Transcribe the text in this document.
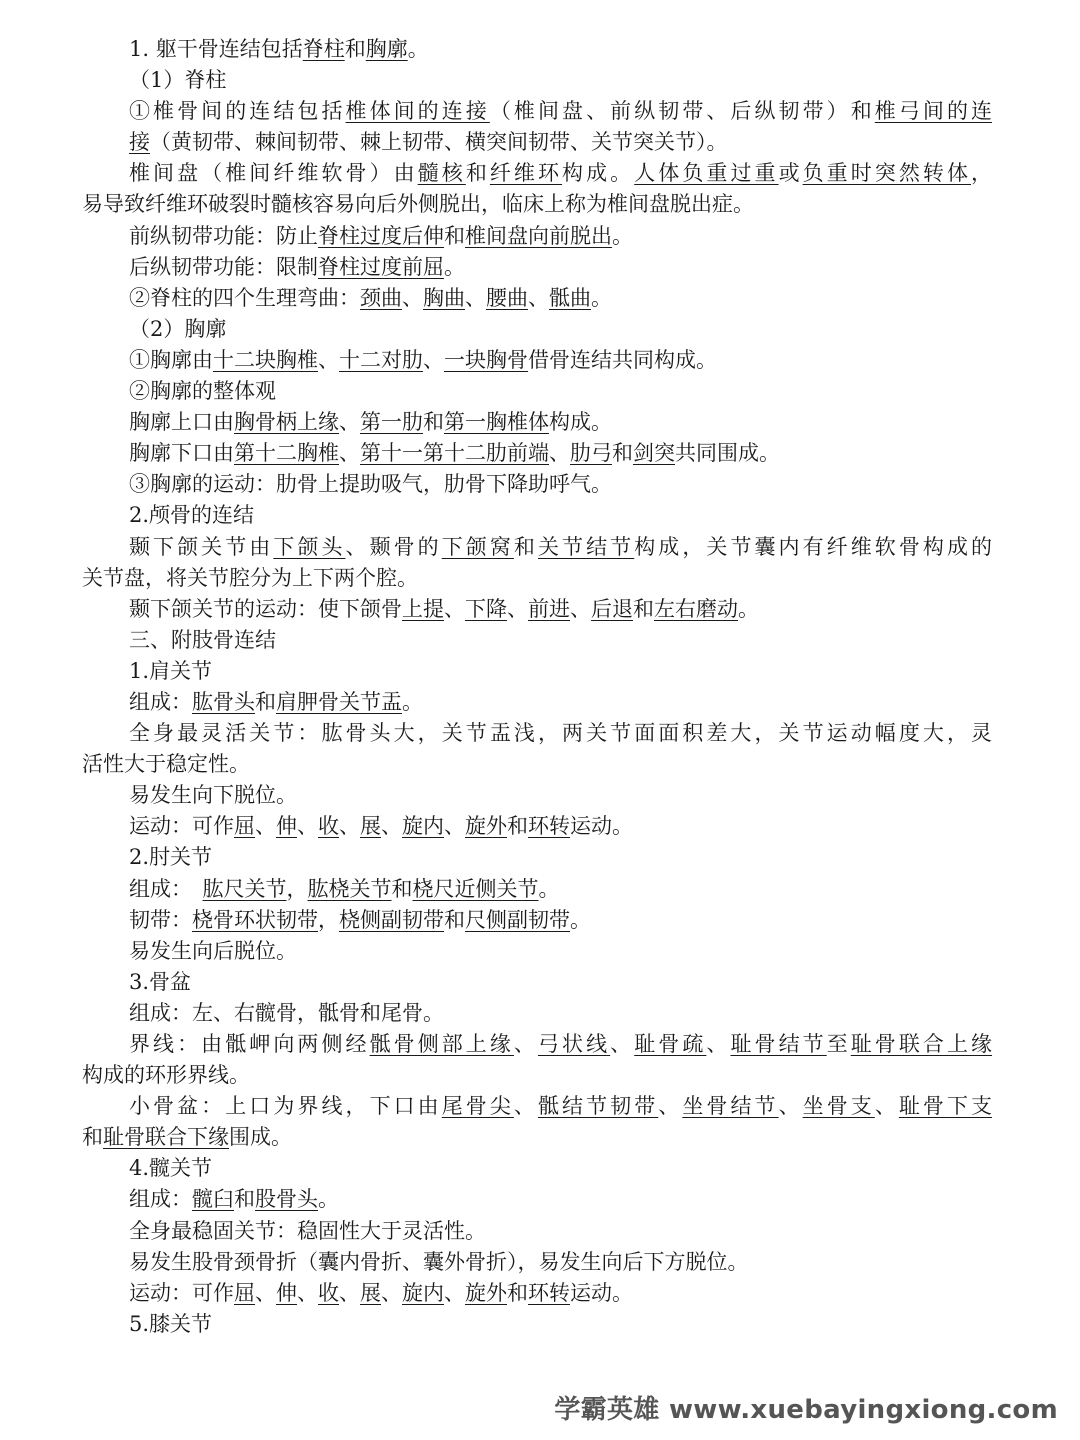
1. 躯干骨连结包括脊柱和胸廓。
（1）脊柱
①椎骨间的连结包括椎体间的连接（椎间盘、前纵韧带、后纵韧带）和椎弓间的连
接（黄韧带、棘间韧带、棘上韧带、横突间韧带、关节突关节）。
椎间盘（椎间纤维软骨）由髓核和纤维环构成。人体负重过重或负重时突然转体，
易导致纤维环破裂时髓核容易向后外侧脱出，临床上称为椎间盘脱出症。
前纵韧带功能：防止脊柱过度后伸和椎间盘向前脱出。
后纵韧带功能：限制脊柱过度前屈。
②脊柱的四个生理弯曲：颈曲、胸曲、腰曲、骶曲。
（2）胸廓
①胸廓由十二块胸椎、十二对肋、一块胸骨借骨连结共同构成。
②胸廓的整体观
胸廓上口由胸骨柄上缘、第一肋和第一胸椎体构成。
胸廓下口由第十二胸椎、第十一第十二肋前端、肋弓和剑突共同围成。
③胸廓的运动：肋骨上提助吸气，肋骨下降助呼气。
2.颅骨的连结
颞下颌关节由下颌头、颞骨的下颌窝和关节结节构成，关节囊内有纤维软骨构成的
关节盘，将关节腔分为上下两个腔。
颞下颌关节的运动：使下颌骨上提、下降、前进、后退和左右磨动。
三、附肢骨连结
1.肩关节
组成：肱骨头和肩胛骨关节盂。
全身最灵活关节：肱骨头大，关节盂浅，两关节面面积差大，关节运动幅度大，灵
活性大于稳定性。
易发生向下脱位。
运动：可作屈、伸、收、展、旋内、旋外和环转运动。
2.肘关节
组成：　肱尺关节，肱桡关节和桡尺近侧关节。
韧带：桡骨环状韧带，桡侧副韧带和尺侧副韧带。
易发生向后脱位。
3.骨盆
组成：左、右髋骨，骶骨和尾骨。
界线：由骶岬向两侧经骶骨侧部上缘、弓状线、耻骨疏、耻骨结节至耻骨联合上缘
构成的环形界线。
小骨盆：上口为界线，下口由尾骨尖、骶结节韧带、坐骨结节、坐骨支、耻骨下支
和耻骨联合下缘围成。
4.髋关节
组成：髋臼和股骨头。
全身最稳固关节：稳固性大于灵活性。
易发生股骨颈骨折（囊内骨折、囊外骨折），易发生向后下方脱位。
运动：可作屈、伸、收、展、旋内、旋外和环转运动。
5.膝关节
学霸英雄 www.xuebayingxiong.com
